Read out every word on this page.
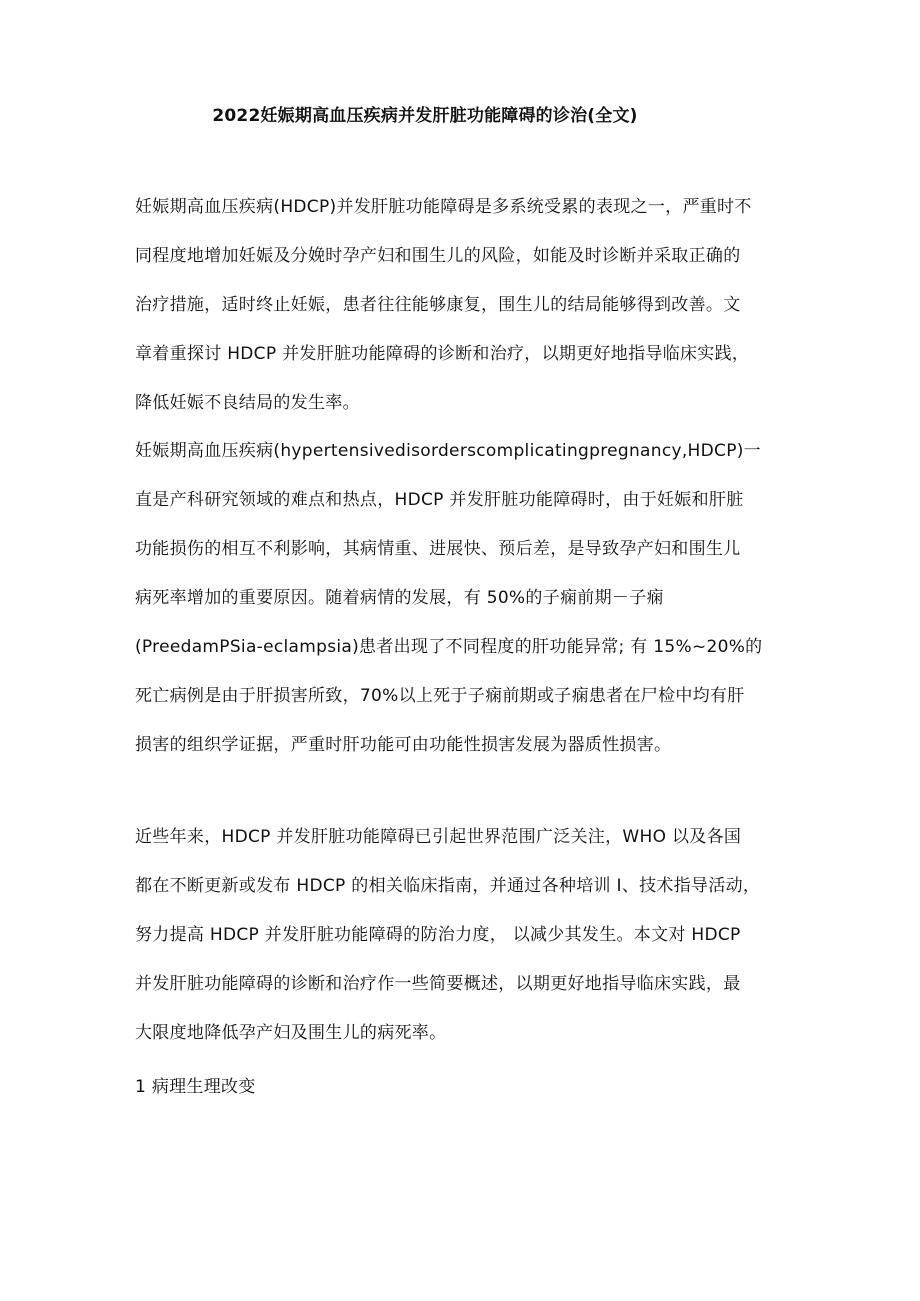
2022妊娠期高血压疾病并发肝脏功能障碍的诊治(全文)
妊娠期高血压疾病(HDCP)并发肝脏功能障碍是多系统受累的表现之一，严重时不
同程度地增加妊娠及分娩时孕产妇和围生儿的风险，如能及时诊断并采取正确的
治疗措施，适时终止妊娠，患者往往能够康复，围生儿的结局能够得到改善。文
章着重探讨 HDCP 并发肝脏功能障碍的诊断和治疗，以期更好地指导临床实践，
降低妊娠不良结局的发生率。
妊娠期高血压疾病(hypertensivedisorderscomplicatingpregnancy,HDCP)一
直是产科研究领域的难点和热点，HDCP 并发肝脏功能障碍时，由于妊娠和肝脏
功能损伤的相互不利影响，其病情重、进展快、预后差，是导致孕产妇和围生儿
病死率增加的重要原因。随着病情的发展，有 50%的子痫前期－子痫
(PreedamPSia-eclampsia)患者出现了不同程度的肝功能异常; 有 15%~20%的
死亡病例是由于肝损害所致，70%以上死于子痫前期或子痫患者在尸检中均有肝
损害的组织学证据，严重时肝功能可由功能性损害发展为器质性损害。
近些年来，HDCP 并发肝脏功能障碍已引起世界范围广泛关注，WHO 以及各国
都在不断更新或发布 HDCP 的相关临床指南，并通过各种培训 I、技术指导活动，
努力提高 HDCP 并发肝脏功能障碍的防治力度， 以减少其发生。本文对 HDCP
并发肝脏功能障碍的诊断和治疗作一些简要概述，以期更好地指导临床实践，最
大限度地降低孕产妇及围生儿的病死率。
1 病理生理改变
